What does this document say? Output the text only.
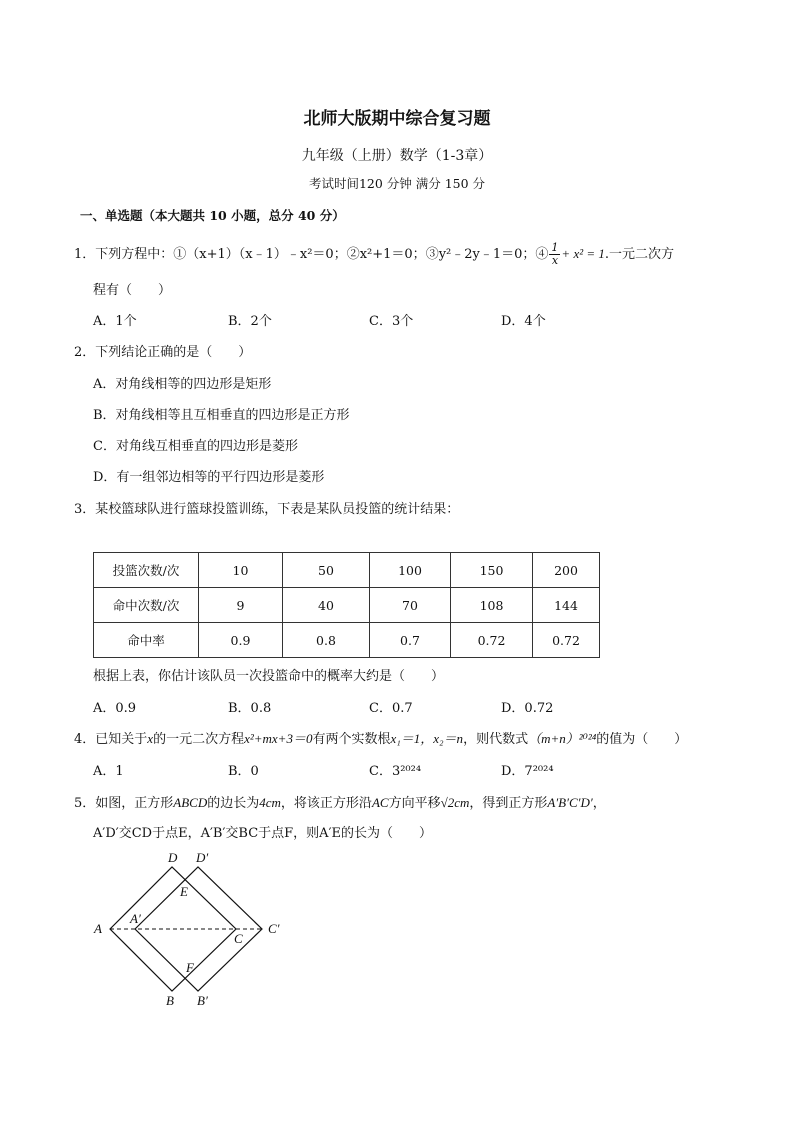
北师大版期中综合复习题
九年级（上册）数学（1-3章）
考试时间120 分钟 满分 150 分
一、单选题（本大题共 10 小题，总分 40 分）
1．下列方程中：①（x+1）（x﹣1）﹣x²＝0；②x²+1＝0；③y²﹣2y﹣1＝0；④ $\frac{1}{x} + x^2 = 1$.一元二次方
程有（　　）
A．1个	B．2个	C．3个	D．4个
2．下列结论正确的是（　　）
A．对角线相等的四边形是矩形
B．对角线相等且互相垂直的四边形是正方形
C．对角线互相垂直的四边形是菱形
D．有一组邻边相等的平行四边形是菱形
3．某校篮球队进行篮球投篮训练，下表是某队员投篮的统计结果：
投篮次数/次	10	50	100	150	200
命中次数/次	9	40	70	108	144
命中率	0.9	0.8	0.7	0.72	0.72
根据上表，你估计该队员一次投篮命中的概率大约是（　　）
A．0.9	B．0.8	C．0.7	D．0.72
4．已知关于x的一元二次方程x²+mx+3＝0有两个实数根x₁＝1，x₂＝n，则代数式（m+n）²⁰²⁴的值为（　　）
A．1	B．0	C．3²⁰²⁴	D．7²⁰²⁴
5．如图，正方形ABCD的边长为4cm，将该正方形沿AC方向平移√2cm，得到正方形A′B′C′D′，
A′D′交CD于点E，A′B′交BC于点F，则A′E的长为（　　）
D D′
E
A
A′
C
C′
F
B B′
